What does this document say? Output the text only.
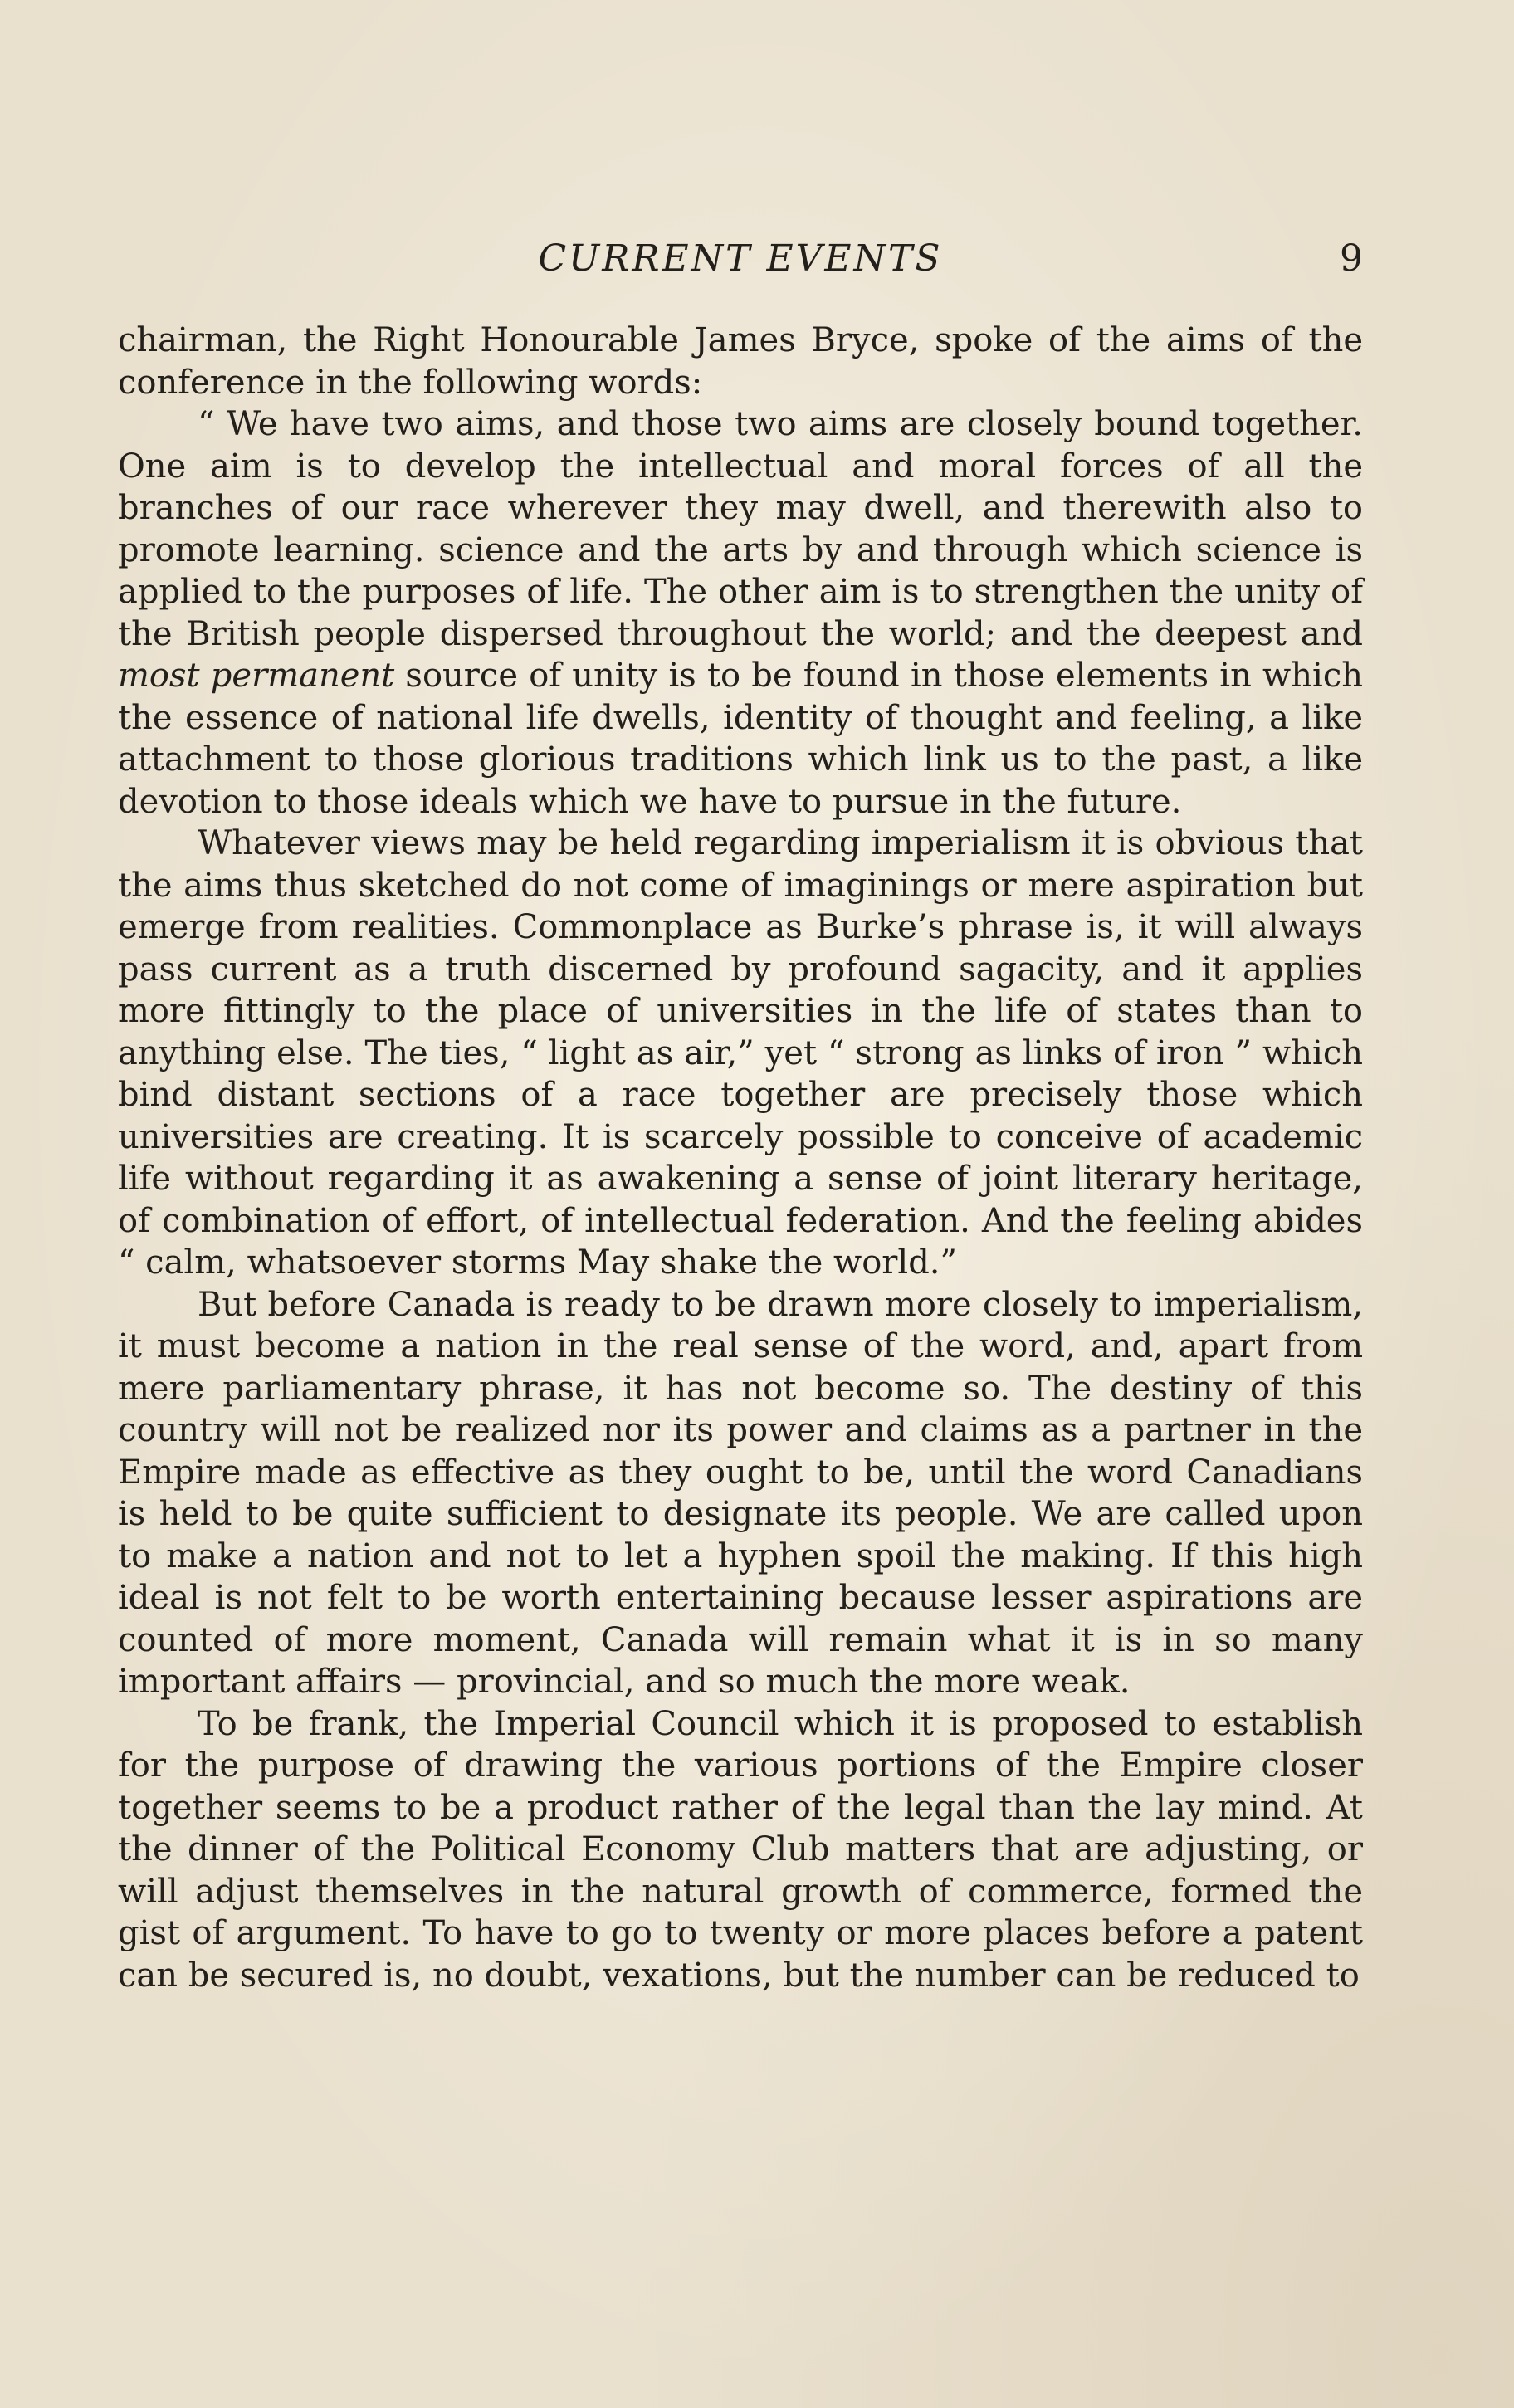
CURRENT EVENTS	9

chairman, the Right Honourable James Bryce, spoke of the aims of the conference in the following words:

“ We have two aims, and those two aims are closely bound together. One aim is to develop the intellectual and moral forces of all the branches of our race wherever they may dwell, and therewith also to promote learning. science and the arts by and through which science is applied to the purposes of life. The other aim is to strengthen the unity of the British people dispersed throughout the world; and the deepest and most permanent source of unity is to be found in those elements in which the essence of national life dwells, identity of thought and feeling, a like attachment to those glorious traditions which link us to the past, a like devotion to those ideals which we have to pursue in the future.

Whatever views may be held regarding imperialism it is obvious that the aims thus sketched do not come of imaginings or mere aspiration but emerge from realities. Commonplace as Burke’s phrase is, it will always pass current as a truth discerned by profound sagacity, and it applies more fittingly to the place of universities in the life of states than to anything else. The ties, “ light as air,” yet “ strong as links of iron ” which bind distant sections of a race together are precisely those which universities are creating. It is scarcely possible to conceive of academic life without regarding it as awakening a sense of joint literary heritage, of combination of effort, of intellectual federation. And the feeling abides “ calm, whatsoever storms May shake the world.”

But before Canada is ready to be drawn more closely to imperialism, it must become a nation in the real sense of the word, and, apart from mere parliamentary phrase, it has not become so. The destiny of this country will not be realized nor its power and claims as a partner in the Empire made as effective as they ought to be, until the word Canadians is held to be quite sufficient to designate its people. We are called upon to make a nation and not to let a hyphen spoil the making. If this high ideal is not felt to be worth entertaining because lesser aspirations are counted of more moment, Canada will remain what it is in so many important affairs — provincial, and so much the more weak.

To be frank, the Imperial Council which it is proposed to establish for the purpose of drawing the various portions of the Empire closer together seems to be a product rather of the legal than the lay mind. At the dinner of the Political Economy Club matters that are adjusting, or will adjust themselves in the natural growth of commerce, formed the gist of argument. To have to go to twenty or more places before a patent can be secured is, no doubt, vexations, but the number can be reduced to
